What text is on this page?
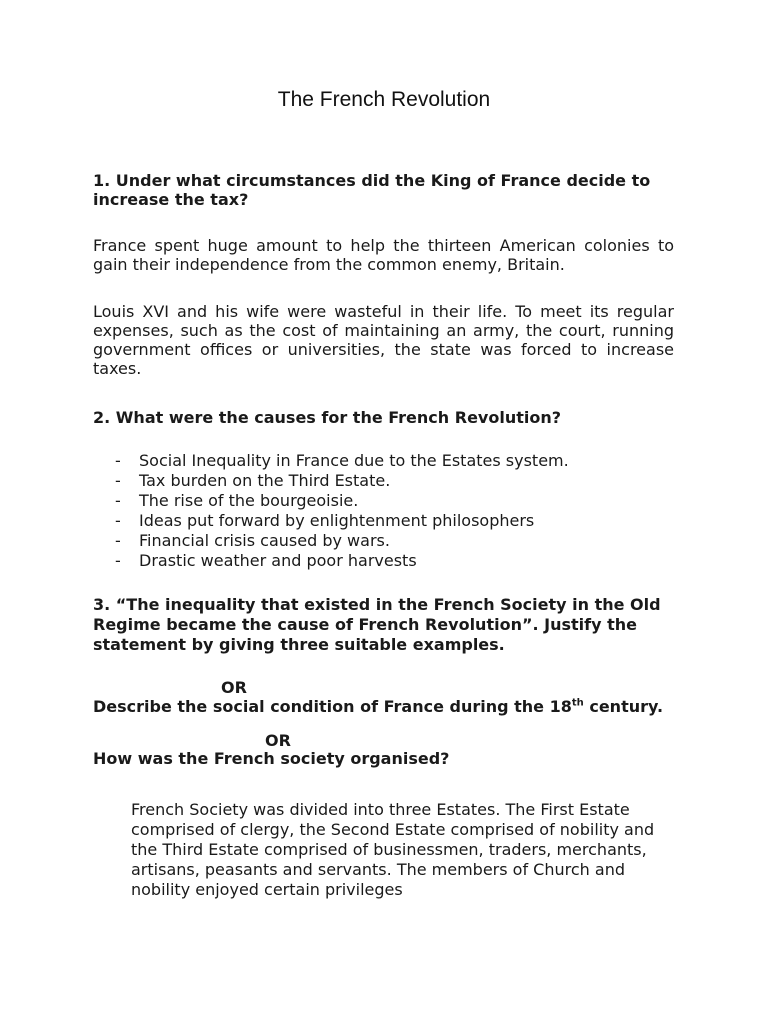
The French Revolution
1. Under what circumstances did the King of France decide to increase the tax?
France spent huge amount to help the thirteen American colonies to gain their independence from the common enemy, Britain.
Louis XVI and his wife were wasteful in their life. To meet its regular expenses, such as the cost of maintaining an army, the court, running government offices or universities, the state was forced to increase taxes.
2. What were the causes for the French Revolution?
-	Social Inequality in France due to the Estates system.
-	Tax burden on the Third Estate.
-	The rise of the bourgeoisie.
-	Ideas put forward by enlightenment philosophers
-	Financial crisis caused by wars.
-	Drastic weather and poor harvests
3. “The inequality that existed in the French Society in the Old Regime became the cause of French Revolution”. Justify the statement by giving three suitable examples.
OR
Describe the social condition of France during the 18th century.
OR
How was the French society organised?
French Society was divided into three Estates. The First Estate comprised of clergy, the Second Estate comprised of nobility and the Third Estate comprised of businessmen, traders, merchants, artisans, peasants and servants. The members of Church and nobility enjoyed certain privileges
